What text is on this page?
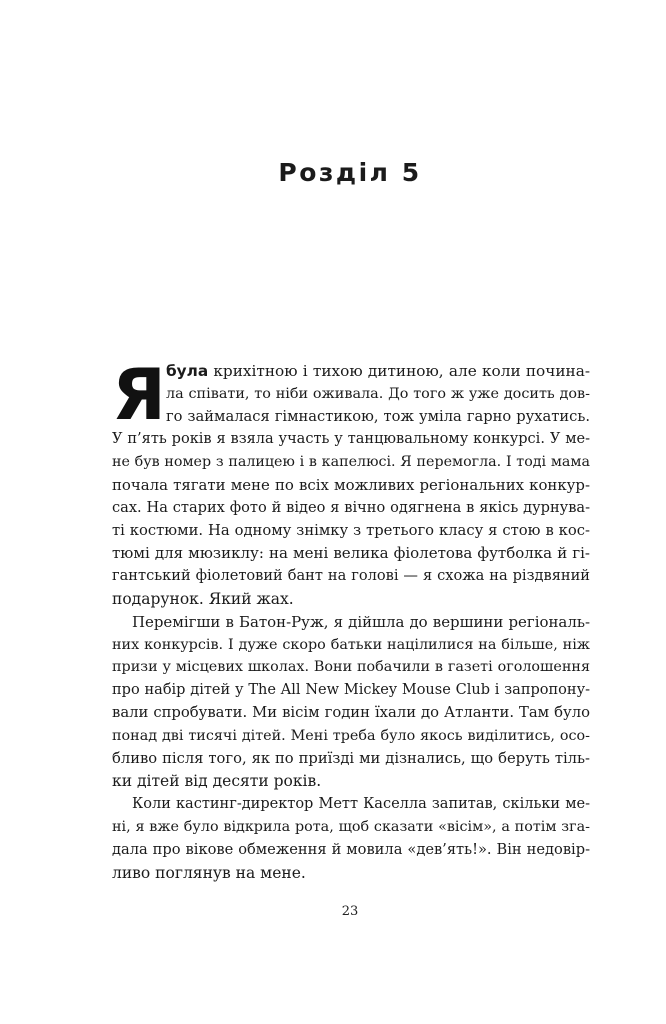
Розділ 5
Я була крихітною і тихою дитиною, але коли почина-
ла співати, то ніби оживала. До того ж уже досить дов-
го займалася гімнастикою, тож уміла гарно рухатись.
У п’ять років я взяла участь у танцювальному конкурсі. У ме-
не був номер з палицею і в капелюсі. Я перемогла. І тоді мама
почала тягати мене по всіх можливих регіональних конкур-
сах. На старих фото й відео я вічно одягнена в якісь дурнува-
ті костюми. На одному знімку з третього класу я стою в кос-
тюмі для мюзиклу: на мені велика фіолетова футболка й гі-
гантський фіолетовий бант на голові — я схожа на різдвяний
подарунок. Який жах.
Перемігши в Батон-Руж, я дійшла до вершини регіональ-
них конкурсів. І дуже скоро батьки націлилися на більше, ніж
призи у місцевих школах. Вони побачили в газеті оголошення
про набір дітей у The All New Mickey Mouse Club і запропону-
вали спробувати. Ми вісім годин їхали до Атланти. Там було
понад дві тисячі дітей. Мені треба було якось виділитись, осо-
бливо після того, як по приїзді ми дізнались, що беруть тіль-
ки дітей від десяти років.
Коли кастинг-директор Метт Каселла запитав, скільки ме-
ні, я вже було відкрила рота, щоб сказати «вісім», а потім зга-
дала про вікове обмеження й мовила «дев’ять!». Він недовір-
ливо поглянув на мене.
23
